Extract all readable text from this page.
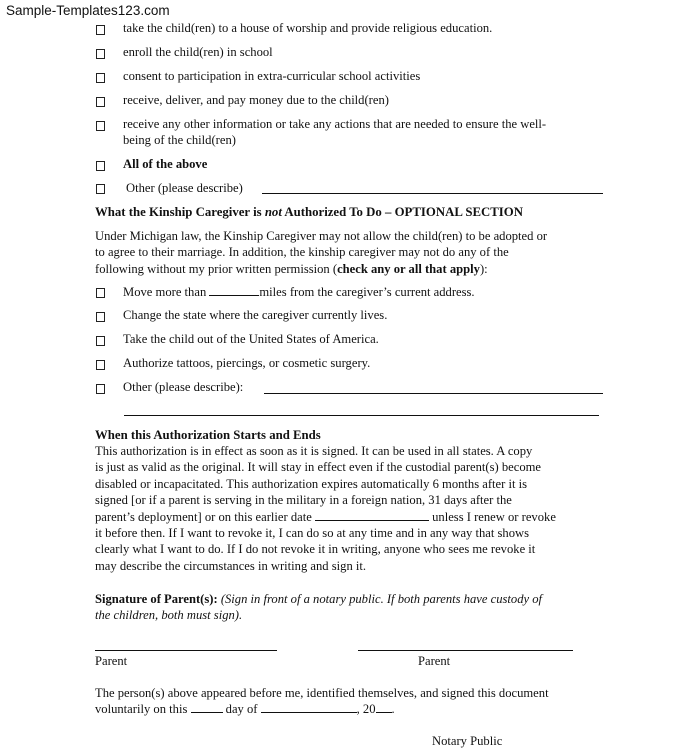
Sample-Templates123.com
take the child(ren) to a house of worship and provide religious education.
enroll the child(ren) in school
consent to participation in extra-curricular school activities
receive, deliver, and pay money due to the child(ren)
receive any other information or take any actions that are needed to ensure the well-
being of the child(ren)
All of the above
Other (please describe)
What the Kinship Caregiver is not Authorized To Do – OPTIONAL SECTION
Under Michigan law, the Kinship Caregiver may not allow the child(ren) to be adopted or
to agree to their marriage. In addition, the kinship caregiver may not do any of the
following without my prior written permission (check any or all that apply):
Move more than	miles from the caregiver’s current address.
Change the state where the caregiver currently lives.
Take the child out of the United States of America.
Authorize tattoos, piercings, or cosmetic surgery.
Other (please describe):
When this Authorization Starts and Ends
This authorization is in effect as soon as it is signed. It can be used in all states. A copy
is just as valid as the original. It will stay in effect even if the custodial parent(s) become
disabled or incapacitated. This authorization expires automatically 6 months after it is
signed [or if a parent is serving in the military in a foreign nation, 31 days after the
parent’s deployment] or on this earlier date	unless I renew or revoke
it before then. If I want to revoke it, I can do so at any time and in any way that shows
clearly what I want to do. If I do not revoke it in writing, anyone who sees me revoke it
may describe the circumstances in writing and sign it.
Signature of Parent(s): (Sign in front of a notary public. If both parents have custody of
the children, both must sign).
Parent	Parent
The person(s) above appeared before me, identified themselves, and signed this document
voluntarily on this	day of	, 20 .
Notary Public
